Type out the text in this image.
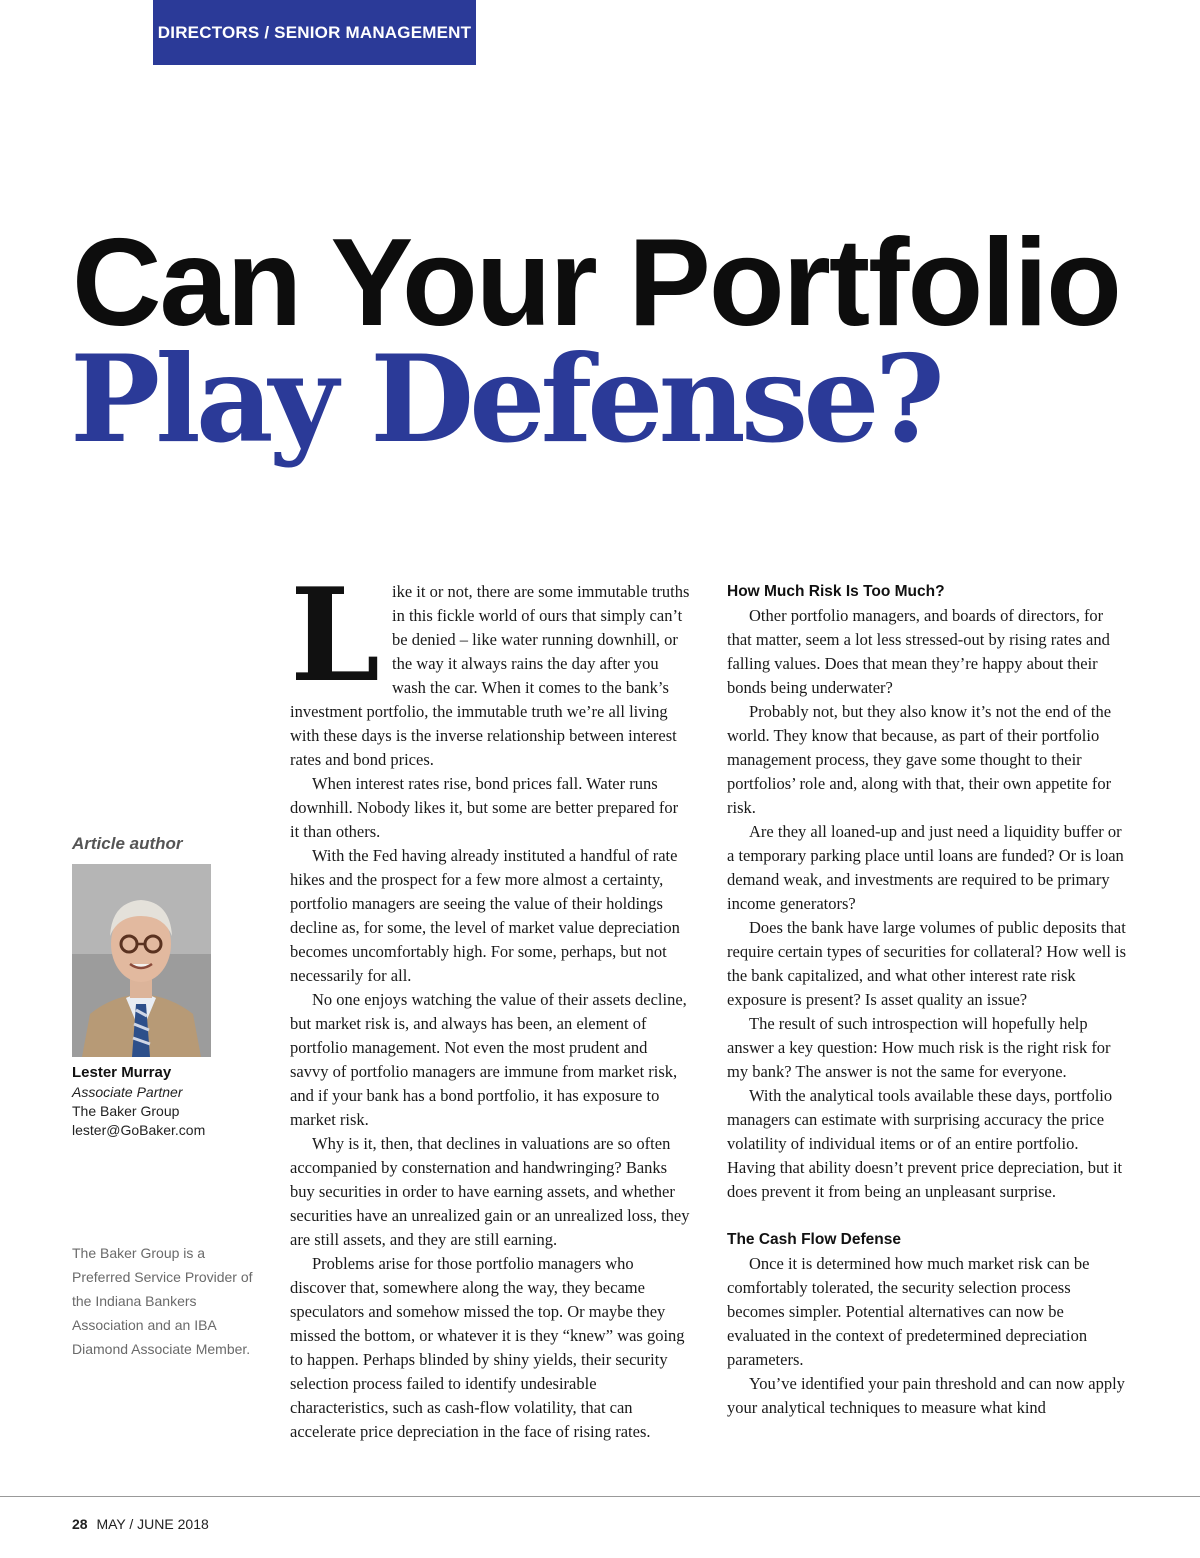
DIRECTORS / SENIOR MANAGEMENT
Can Your Portfolio
Play Defense?
Article author
Lester Murray
Associate Partner
The Baker Group
lester@GoBaker.com
The Baker Group is a Preferred Service Provider of the Indiana Bankers Association and an IBA Diamond Associate Member.

Like it or not, there are some immutable truths in this fickle world of ours that simply can’t be denied – like water running downhill, or the way it always rains the day after you wash the car. When it comes to the bank’s investment portfolio, the immutable truth we’re all living with these days is the inverse relationship between interest rates and bond prices.

When interest rates rise, bond prices fall. Water runs downhill. Nobody likes it, but some are better prepared for it than others.

With the Fed having already instituted a handful of rate hikes and the prospect for a few more almost a certainty, portfolio managers are seeing the value of their holdings decline as, for some, the level of market value depreciation becomes uncomfortably high. For some, perhaps, but not necessarily for all.

No one enjoys watching the value of their assets decline, but market risk is, and always has been, an element of portfolio management. Not even the most prudent and savvy of portfolio managers are immune from market risk, and if your bank has a bond portfolio, it has exposure to market risk.

Why is it, then, that declines in valuations are so often accompanied by consternation and handwringing? Banks buy securities in order to have earning assets, and whether securities have an unrealized gain or an unrealized loss, they are still assets, and they are still earning.

Problems arise for those portfolio managers who discover that, somewhere along the way, they became speculators and somehow missed the top. Or maybe they missed the bottom, or whatever it is they “knew” was going to happen. Perhaps blinded by shiny yields, their security selection process failed to identify undesirable characteristics, such as cash-flow volatility, that can accelerate price depreciation in the face of rising rates.

How Much Risk Is Too Much?

Other portfolio managers, and boards of directors, for that matter, seem a lot less stressed-out by rising rates and falling values. Does that mean they’re happy about their bonds being underwater?

Probably not, but they also know it’s not the end of the world. They know that because, as part of their portfolio management process, they gave some thought to their portfolios’ role and, along with that, their own appetite for risk.

Are they all loaned-up and just need a liquidity buffer or a temporary parking place until loans are funded? Or is loan demand weak, and investments are required to be primary income generators?

Does the bank have large volumes of public deposits that require certain types of securities for collateral? How well is the bank capitalized, and what other interest rate risk exposure is present? Is asset quality an issue?

The result of such introspection will hopefully help answer a key question: How much risk is the right risk for my bank? The answer is not the same for everyone.

With the analytical tools available these days, portfolio managers can estimate with surprising accuracy the price volatility of individual items or of an entire portfolio. Having that ability doesn’t prevent price depreciation, but it does prevent it from being an unpleasant surprise.

The Cash Flow Defense

Once it is determined how much market risk can be comfortably tolerated, the security selection process becomes simpler. Potential alternatives can now be evaluated in the context of predetermined depreciation parameters.

You’ve identified your pain threshold and can now apply your analytical techniques to measure what kind

28 MAY / JUNE 2018
